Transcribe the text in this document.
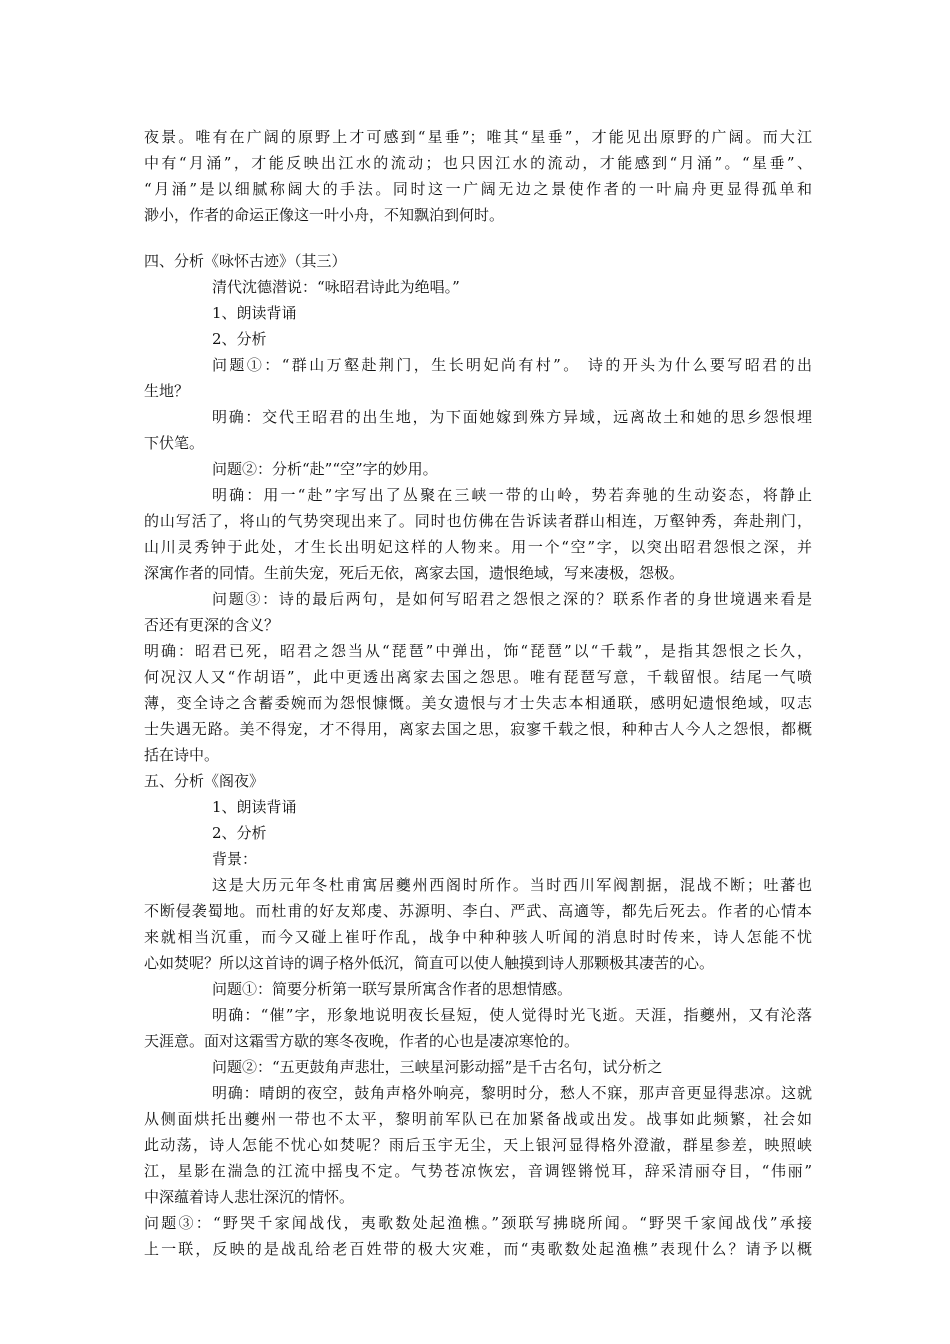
夜景。唯有在广阔的原野上才可感到“星垂”；唯其“星垂”，才能见出原野的广阔。而大江
中有“月涌”，才能反映出江水的流动；也只因江水的流动，才能感到“月涌”。“星垂”、
“月涌”是以细腻称阔大的手法。同时这一广阔无边之景使作者的一叶扁舟更显得孤单和
渺小，作者的命运正像这一叶小舟，不知飘泊到何时。
四、分析《咏怀古迹》（其三）
清代沈德潜说：“咏昭君诗此为绝唱。”
1、朗读背诵
2、分析
问题①：“群山万壑赴荆门，生长明妃尚有村”。 诗的开头为什么要写昭君的出
生地？
明确：交代王昭君的出生地，为下面她嫁到殊方异域，远离故土和她的思乡怨恨埋
下伏笔。
问题②：分析“赴”“空”字的妙用。
明确：用一“赴”字写出了丛聚在三峡一带的山岭，势若奔驰的生动姿态，将静止
的山写活了，将山的气势突现出来了。同时也仿佛在告诉读者群山相连，万壑钟秀，奔赴荆门，
山川灵秀钟于此处，才生长出明妃这样的人物来。用一个“空”字，以突出昭君怨恨之深，并
深寓作者的同情。生前失宠，死后无依，离家去国，遗恨绝域，写来凄极，怨极。
问题③：诗的最后两句，是如何写昭君之怨恨之深的？联系作者的身世境遇来看是
否还有更深的含义？
明确：昭君已死，昭君之怨当从“琵琶”中弹出，饰“琵琶”以“千载”，是指其怨恨之长久，
何况汉人又“作胡语”，此中更透出离家去国之怨思。唯有琵琶写意，千载留恨。结尾一气喷
薄，变全诗之含蓄委婉而为怨恨慷慨。美女遗恨与才士失志本相通联，感明妃遗恨绝域，叹志
士失遇无路。美不得宠，才不得用，离家去国之思，寂寥千载之恨，种种古人今人之怨恨，都概
括在诗中。
五、分析《阁夜》
1、朗读背诵
2、分析
背景：
这是大历元年冬杜甫寓居夔州西阁时所作。当时西川军阀割据，混战不断；吐蕃也
不断侵袭蜀地。而杜甫的好友郑虔、苏源明、李白、严武、高適等，都先后死去。作者的心情本
来就相当沉重，而今又碰上崔吁作乱，战争中种种骇人听闻的消息时时传来，诗人怎能不忧
心如焚呢？所以这首诗的调子格外低沉，简直可以使人触摸到诗人那颗极其凄苦的心。
问题①：简要分析第一联写景所寓含作者的思想情感。
明确：“催”字，形象地说明夜长昼短，使人觉得时光飞逝。天涯，指夔州，又有沦落
天涯意。面对这霜雪方歇的寒冬夜晚，作者的心也是凄凉寒怆的。
问题②：“五更鼓角声悲壮，三峡星河影动摇”是千古名句，试分析之
明确：晴朗的夜空，鼓角声格外响亮，黎明时分，愁人不寐，那声音更显得悲凉。这就
从侧面烘托出夔州一带也不太平，黎明前军队已在加紧备战或出发。战事如此频繁，社会如
此动荡，诗人怎能不忧心如焚呢？雨后玉宇无尘，天上银河显得格外澄澈，群星参差，映照峡
江，星影在湍急的江流中摇曳不定。气势苍凉恢宏，音调铿锵悦耳，辞采清丽夺目，“伟丽”
中深蕴着诗人悲壮深沉的情怀。
问题③：“野哭千家闻战伐，夷歌数处起渔樵。”颈联写拂晓所闻。“野哭千家闻战伐”承接
上一联，反映的是战乱给老百姓带的极大灾难，而“夷歌数处起渔樵”表现什么？请予以概
